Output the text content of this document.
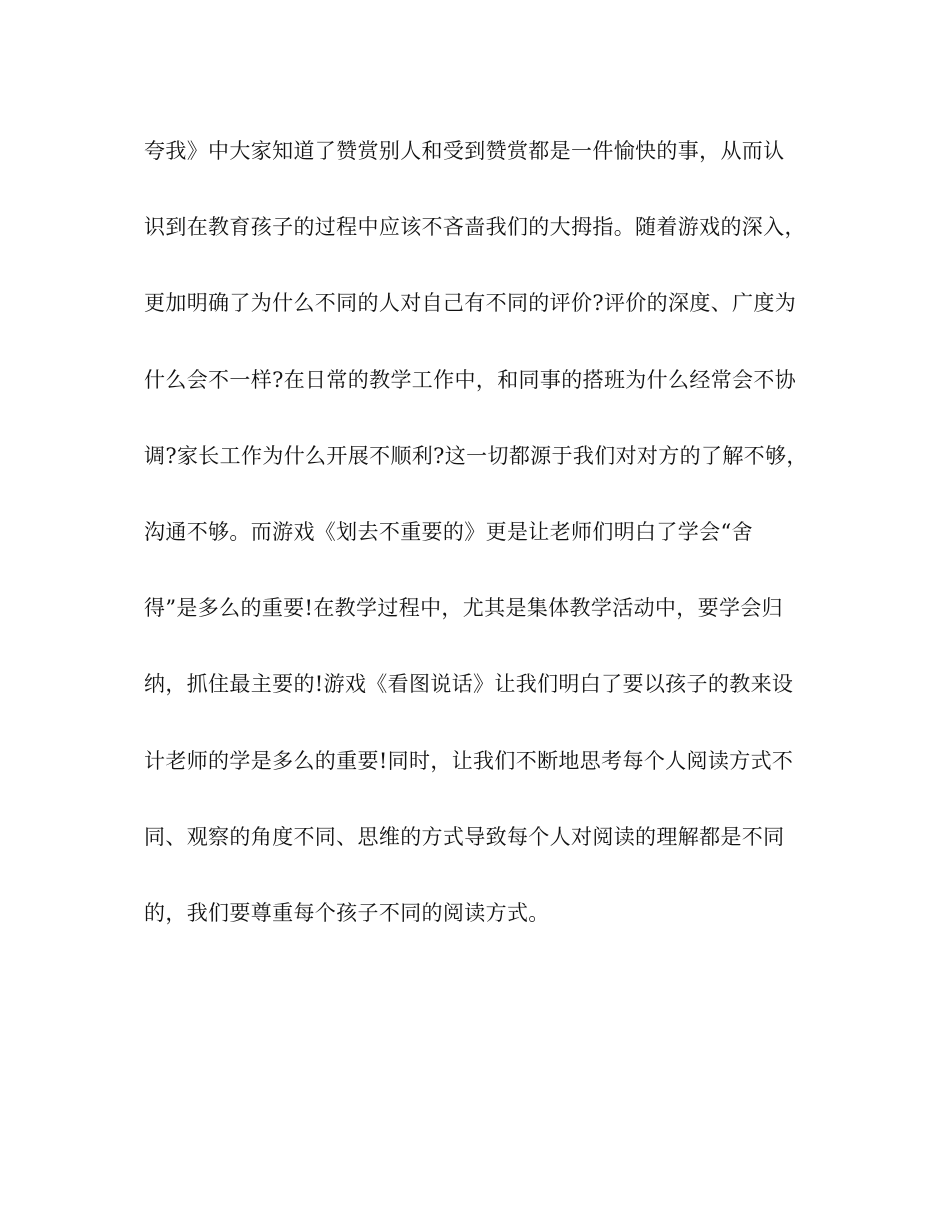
夸我》中大家知道了赞赏别人和受到赞赏都是一件愉快的事，从而认
识到在教育孩子的过程中应该不吝啬我们的大拇指。随着游戏的深入，
更加明确了为什么不同的人对自己有不同的评价?评价的深度、广度为
什么会不一样?在日常的教学工作中，和同事的搭班为什么经常会不协
调?家长工作为什么开展不顺利?这一切都源于我们对对方的了解不够，
沟通不够。而游戏《划去不重要的》更是让老师们明白了学会“舍
得”是多么的重要!在教学过程中，尤其是集体教学活动中，要学会归
纳，抓住最主要的!游戏《看图说话》让我们明白了要以孩子的教来设
计老师的学是多么的重要!同时，让我们不断地思考每个人阅读方式不
同、观察的角度不同、思维的方式导致每个人对阅读的理解都是不同
的，我们要尊重每个孩子不同的阅读方式。
